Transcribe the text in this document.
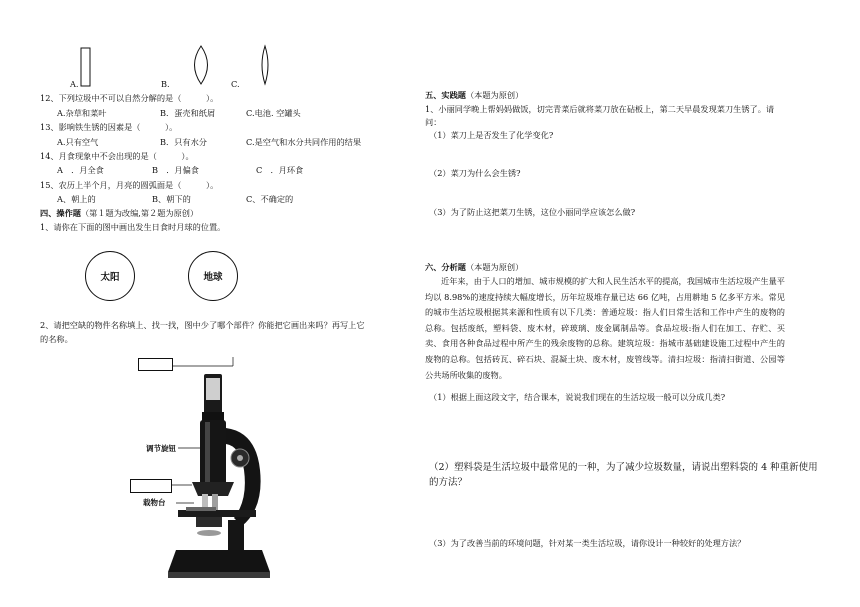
A.	B.	C.
12、下列垃圾中不可以自然分解的是（　　　）。
A.杂草和菜叶	B．蛋壳和纸屑	C.电池. 空罐头
13、影响铁生锈的因素是（　　　）。
A.只有空气	B．只有水分	C.是空气和水分共同作用的结果
14、月食现象中不会出现的是（　　　）。
A　．月全食	B　．月偏食	C　．月环食
15、农历上半个月，月亮的圆弧面是（　　　）。
A、朝上的	B、朝下的	C、不确定的
四、操作题（第１题为改编,第２题为原创）
1、请你在下面的图中画出发生日食时月球的位置。
太阳	地球
2、请把空缺的物件名称填上、找一找，图中少了哪个部件？你能把它画出来吗？再写上它
的名称。
调节旋钮
载物台
五、实践题（本题为原创）
1、小丽同学晚上帮妈妈做饭，切完青菜后就将菜刀放在砧板上，第二天早晨发现菜刀生锈了。请
问：
（1）菜刀上是否发生了化学变化?
（2）菜刀为什么会生锈?
（3）为了防止这把菜刀生锈，这位小丽同学应该怎么做?
六、分析题（本题为原创）
近年来，由于人口的增加、城市规模的扩大和人民生活水平的提高，我国城市生活垃圾产生量平均以 8.98%的速度持续大幅度增长，历年垃圾堆存量已达 66 亿吨，占用耕地 5 亿多平方米。常见的城市生活垃圾根据其来源和性质有以下几类：普通垃圾：指人们日常生活和工作中产生的废物的总称。包括废纸，塑料袋、废木材，碎玻璃、废金属制品等。食品垃圾:指人们在加工、存贮、买卖、食用各种食品过程中所产生的残余废物的总称。建筑垃圾：指城市基础建设施工过程中产生的废物的总称。包括砖瓦、碎石块、混凝土块、废木材，废管线等。清扫垃圾：指清扫街道、公园等公共场所收集的废物。
（1）根据上面这段文字，结合课本，说说我们现在的生活垃圾一般可以分成几类?
（2）塑料袋是生活垃圾中最常见的一种，为了减少垃圾数量，请说出塑料袋的 4 种重新使用
的方法？
（3）为了改善当前的环境问题，针对某一类生活垃圾，请你设计一种较好的处理方法？
